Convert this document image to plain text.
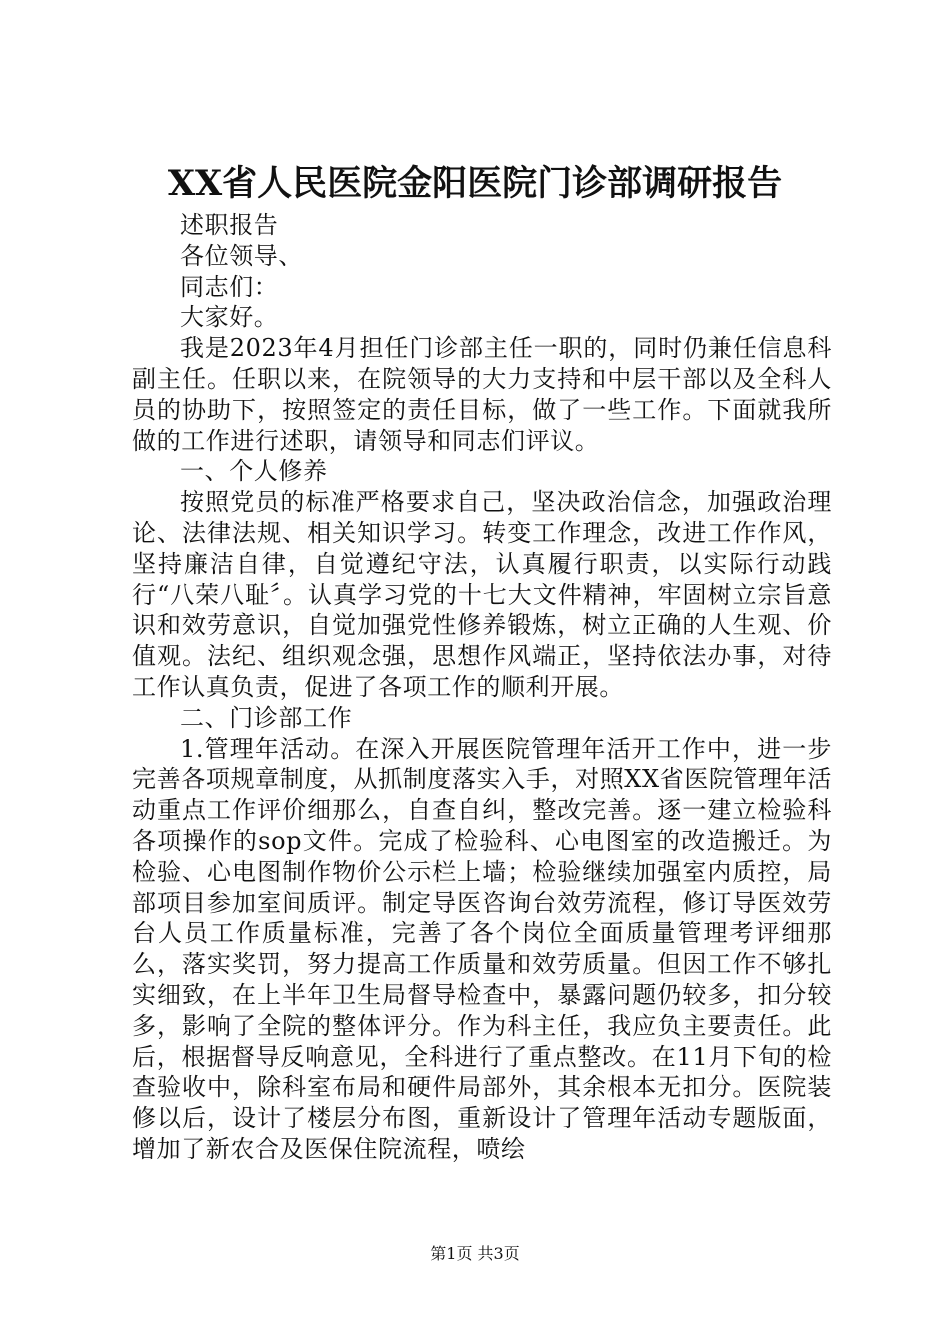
XX省人民医院金阳医院门诊部调研报告

述职报告

各位领导、

同志们：

大家好。

我是2023年4月担任门诊部主任一职的，同时仍兼任信息科副主任。任职以来，在院领导的大力支持和中层干部以及全科人员的协助下，按照签定的责任目标，做了一些工作。下面就我所做的工作进行述职，请领导和同志们评议。

一、个人修养

按照党员的标准严格要求自己，坚决政治信念，加强政治理论、法律法规、相关知识学习。转变工作理念，改进工作作风，坚持廉洁自律，自觉遵纪守法，认真履行职责，以实际行动践行“八荣八耻〞。认真学习党的十七大文件精神，牢固树立宗旨意识和效劳意识，自觉加强党性修养锻炼，树立正确的人生观、价值观。法纪、组织观念强，思想作风端正，坚持依法办事，对待工作认真负责，促进了各项工作的顺利开展。

二、门诊部工作

1.管理年活动。在深入开展医院管理年活开工作中，进一步完善各项规章制度，从抓制度落实入手，对照XX省医院管理年活动重点工作评价细那么，自查自纠，整改完善。逐一建立检验科各项操作的sop文件。完成了检验科、心电图室的改造搬迁。为检验、心电图制作物价公示栏上墙；检验继续加强室内质控，局部项目参加室间质评。制定导医咨询台效劳流程，修订导医效劳台人员工作质量标准，完善了各个岗位全面质量管理考评细那么，落实奖罚，努力提高工作质量和效劳质量。但因工作不够扎实细致，在上半年卫生局督导检查中，暴露问题仍较多，扣分较多，影响了全院的整体评分。作为科主任，我应负主要责任。此后，根据督导反响意见，全科进行了重点整改。在11月下旬的检查验收中，除科室布局和硬件局部外，其余根本无扣分。医院装修以后，设计了楼层分布图，重新设计了管理年活动专题版面，增加了新农合及医保住院流程，喷绘

第1页 共3页
